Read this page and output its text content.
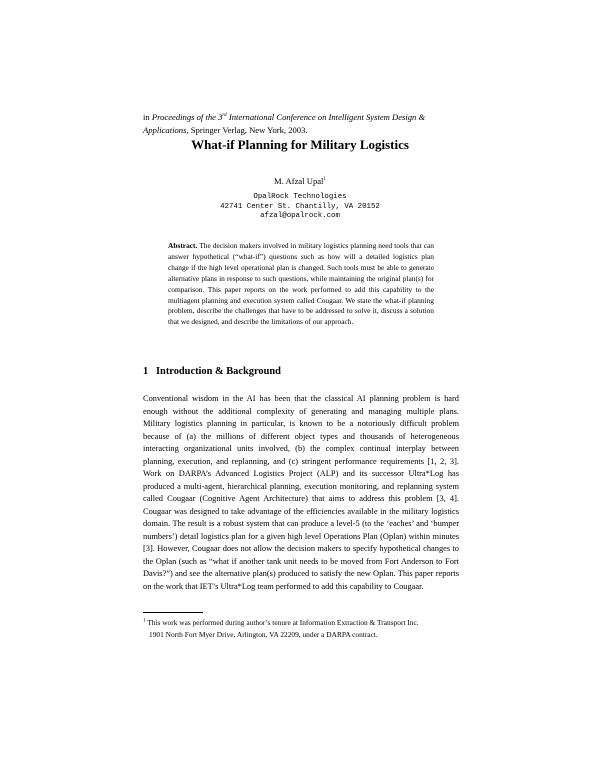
in Proceedings of the 3rd International Conference on Intelligent System Design & Applications, Springer Verlag, New York, 2003.
What-if Planning for Military Logistics
M. Afzal Upal$^1$
OpalRock Technologies
42741 Center St. Chantilly, VA 20152
afzal@opalrock.com
Abstract. The decision makers involved in military logistics planning need tools that can answer hypothetical (“what-if”) questions such as how will a detailed logistics plan change if the high level operational plan is changed. Such tools must be able to generate alternative plans in response to such questions, while maintaining the original plan(s) for comparison. This paper reports on the work performed to add this capability to the multiagent planning and execution system called Cougaar. We state the what-if planning problem, describe the challenges that have to be addressed to solve it, discuss a solution that we designed, and describe the limitations of our approach.
1 Introduction & Background
Conventional wisdom in the AI has been that the classical AI planning problem is hard enough without the additional complexity of generating and managing multiple plans. Military logistics planning in particular, is known to be a notoriously difficult problem because of (a) the millions of different object types and thousands of heterogeneous interacting organizational units involved, (b) the complex continual interplay between planning, execution, and replanning, and (c) stringent performance requirements [1, 2, 3]. Work on DARPA’s Advanced Logistics Project (ALP) and its successor Ultra*Log has produced a multi-agent, hierarchical planning, execution monitoring, and replanning system called Cougaar (Cognitive Agent Architecture) that aims to address this problem [3, 4]. Cougaar was designed to take advantage of the efficiencies available in the military logistics domain. The result is a robust system that can produce a level-5 (to the ‘eaches’ and ‘bumper numbers’) detail logistics plan for a given high level Operations Plan (Oplan) within minutes [3]. However, Cougaar does not allow the decision makers to specify hypothetical changes to the Oplan (such as “what if another tank unit needs to be moved from Fort Anderson to Fort Davis?”) and see the alternative plan(s) produced to satisfy the new Oplan. This paper reports on the work that IET’s Ultra*Log team performed to add this capability to Cougaar.
$^1$ This work was performed during author’s tenure at Information Extraction & Transport Inc.
1901 North Fort Myer Drive, Arlington, VA 22209, under a DARPA contract.
